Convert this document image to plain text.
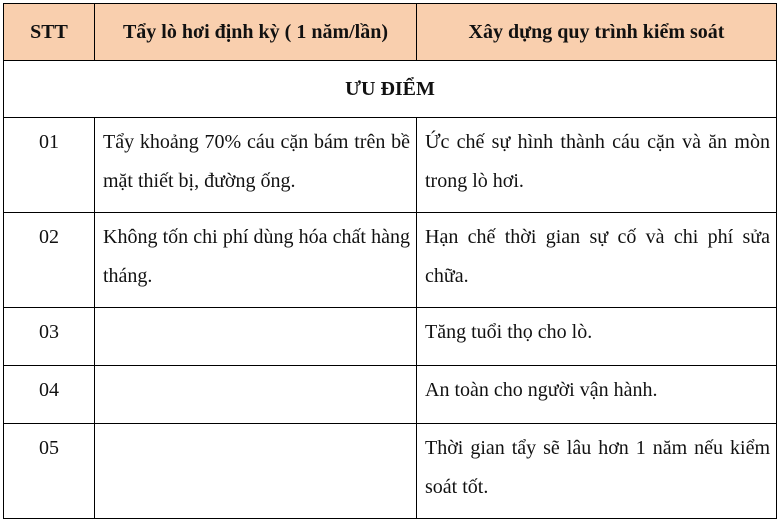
STT	Tẩy lò hơi định kỳ ( 1 năm/lần)	Xây dựng quy trình kiểm soát
ƯU ĐIỂM		
01	Tẩy khoảng 70% cáu cặn bám trên bề mặt thiết bị, đường ống.	Ức chế sự hình thành cáu cặn và ăn mòn trong lò hơi.
02	Không tốn chi phí dùng hóa chất hàng tháng.	Hạn chế thời gian sự cố và chi phí sửa chữa.
03		Tăng tuổi thọ cho lò.
04		An toàn cho người vận hành.
05		Thời gian tẩy sẽ lâu hơn 1 năm nếu kiểm soát tốt.
